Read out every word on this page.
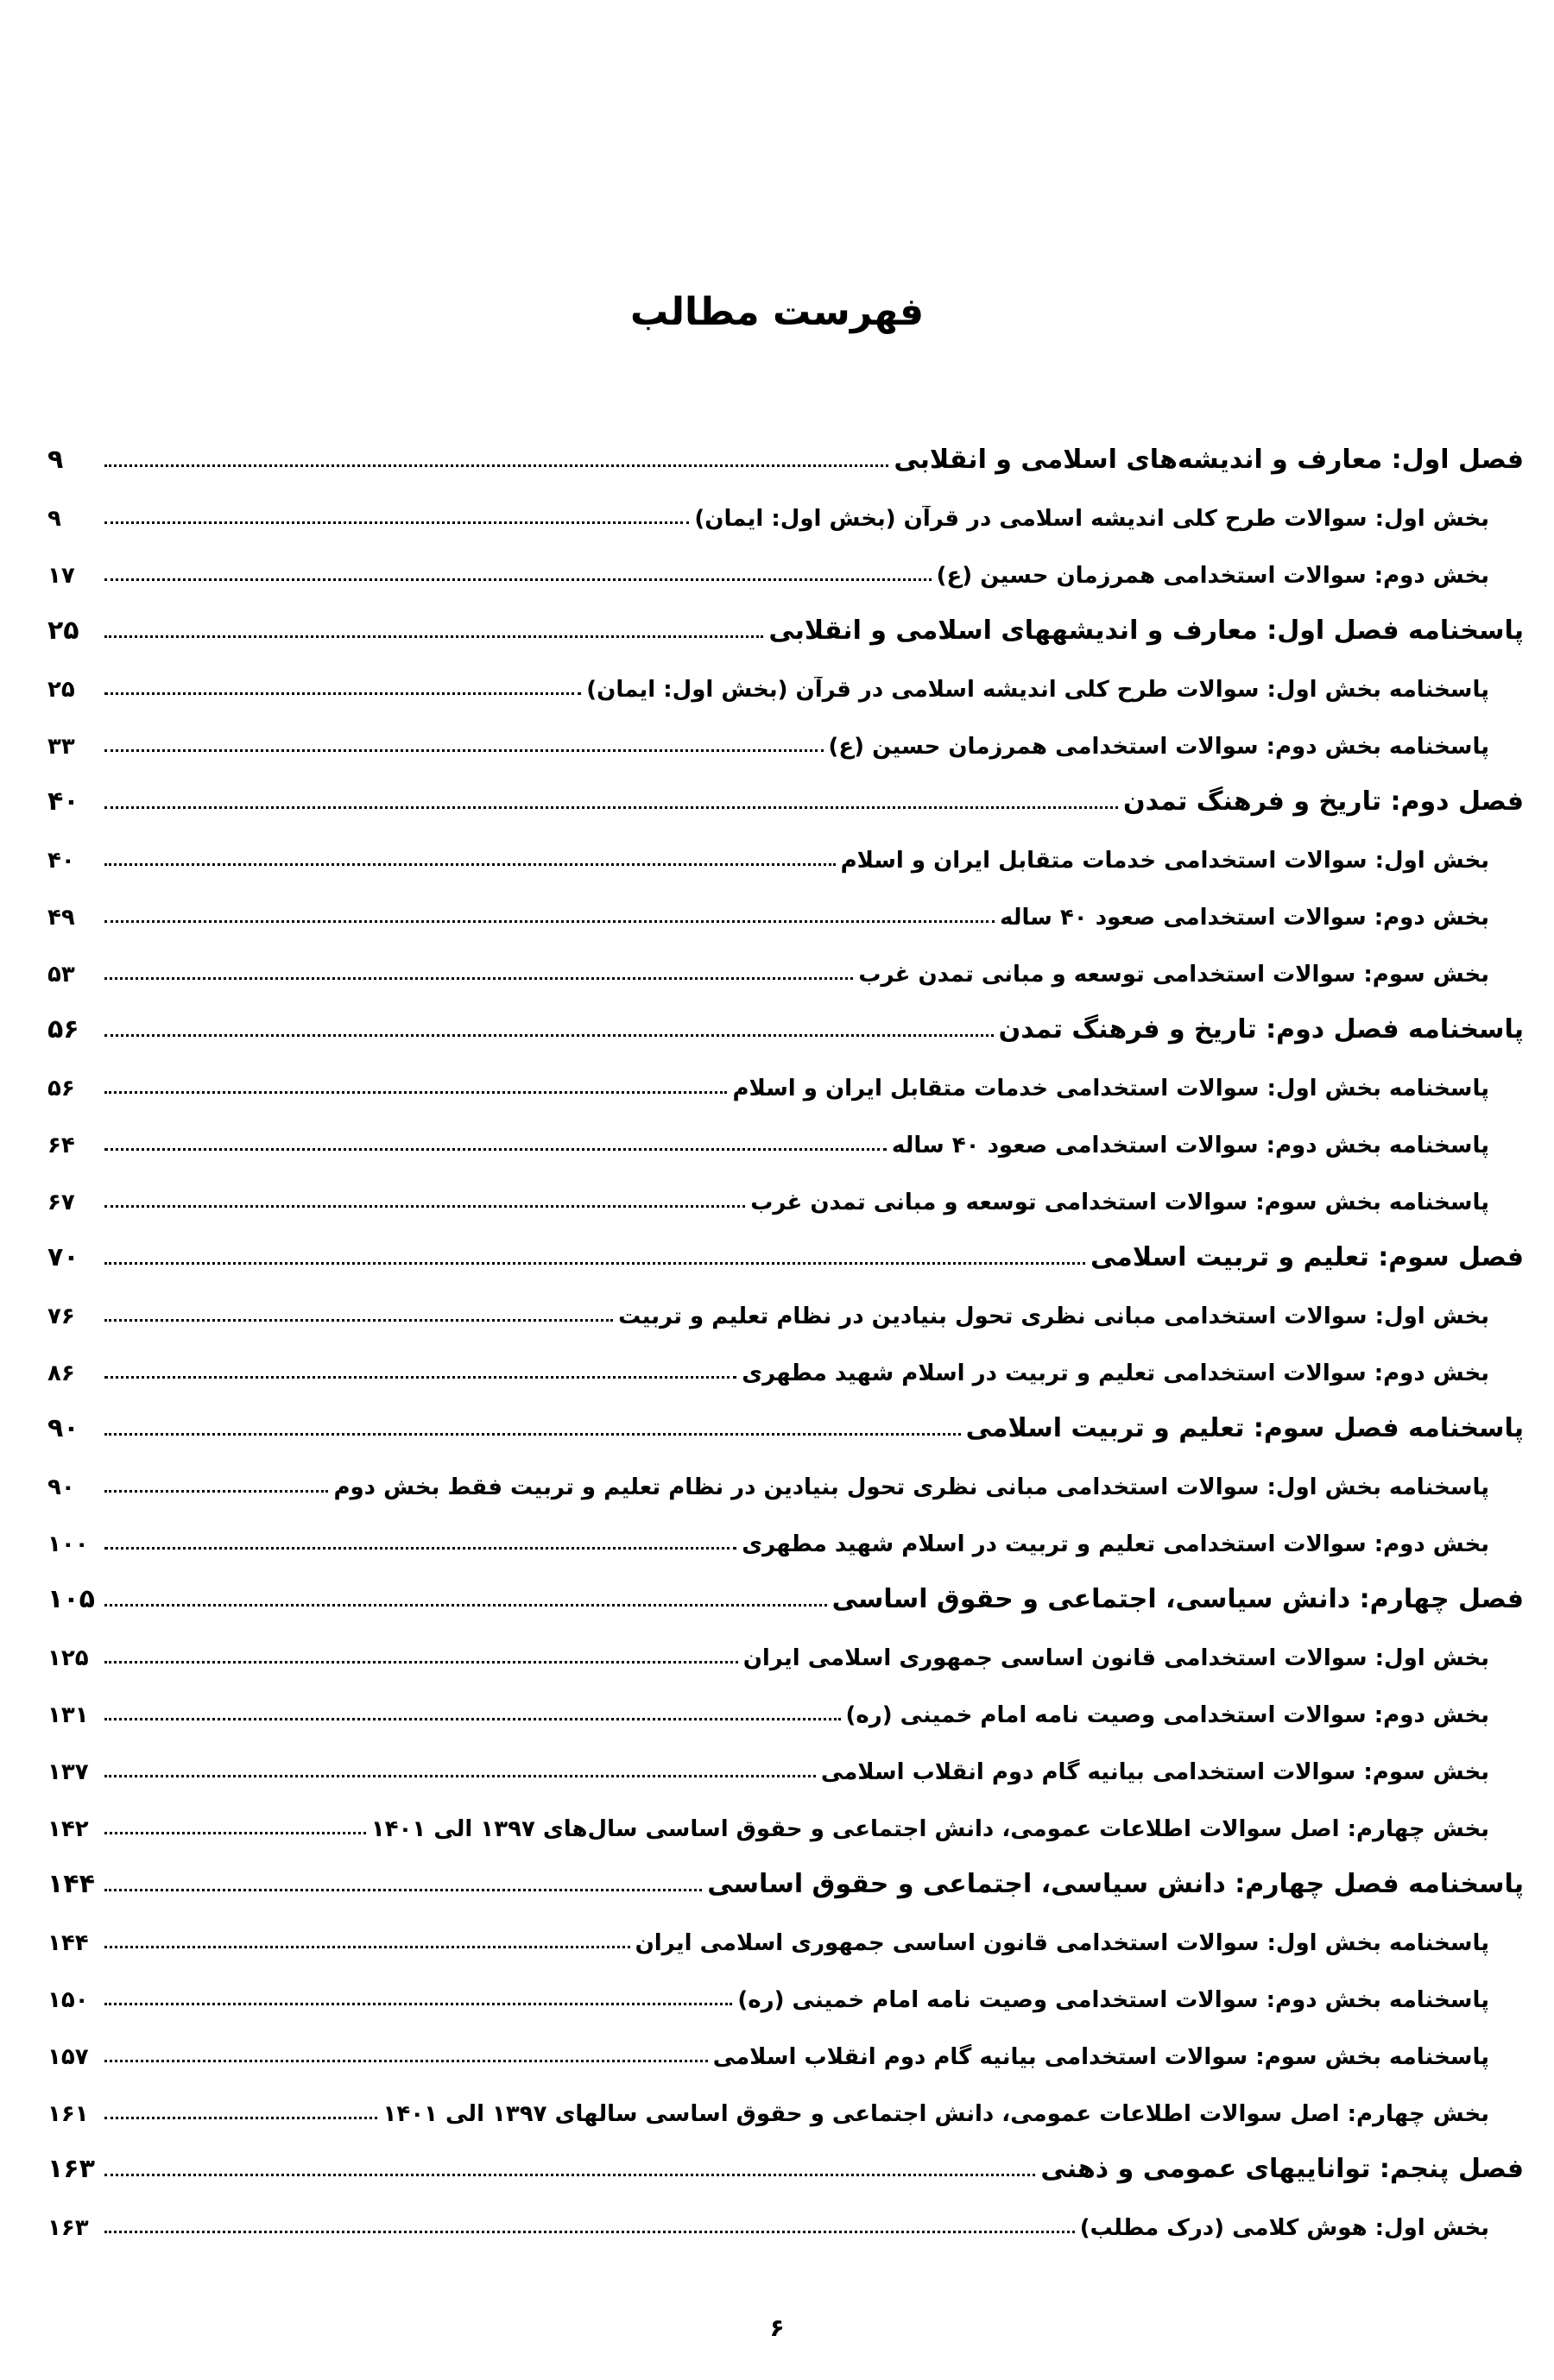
فهرست مطالب
فصل اول: معارف و اندیشه‌های اسلامی و انقلابی
۹
بخش اول: سوالات طرح کلی اندیشه اسلامی در قرآن (بخش اول: ایمان)
۹
بخش دوم: سوالات استخدامی همرزمان حسین (ع)
۱۷
پاسخنامه فصل اول: معارف و اندیشههای اسلامی و انقلابی
۲۵
پاسخنامه بخش اول: سوالات طرح کلی اندیشه اسلامی در قرآن (بخش اول: ایمان)
۲۵
پاسخنامه بخش دوم: سوالات استخدامی همرزمان حسین (ع)
۳۳
فصل دوم: تاریخ و فرهنگ تمدن
۴۰
بخش اول: سوالات استخدامی خدمات متقابل ایران و اسلام
۴۰
بخش دوم: سوالات استخدامی صعود ۴۰ ساله
۴۹
بخش سوم: سوالات استخدامی توسعه و مبانی تمدن غرب
۵۳
پاسخنامه فصل دوم: تاریخ و فرهنگ تمدن
۵۶
پاسخنامه بخش اول: سوالات استخدامی خدمات متقابل ایران و اسلام
۵۶
پاسخنامه بخش دوم: سوالات استخدامی صعود ۴۰ ساله
۶۴
پاسخنامه بخش سوم: سوالات استخدامی توسعه و مبانی تمدن غرب
۶۷
فصل سوم: تعلیم و تربیت اسلامی
۷۰
بخش اول: سوالات استخدامی مبانی نظری تحول بنیادین در نظام تعلیم و تربیت
۷۶
بخش دوم: سوالات استخدامی تعلیم و تربیت در اسلام شهید مطهری
۸۶
پاسخنامه فصل سوم: تعلیم و تربیت اسلامی
۹۰
پاسخنامه بخش اول: سوالات استخدامی مبانی نظری تحول بنیادین در نظام تعلیم و تربیت فقط بخش دوم
۹۰
بخش دوم: سوالات استخدامی تعلیم و تربیت در اسلام شهید مطهری
۱۰۰
فصل چهارم: دانش سیاسی، اجتماعی و حقوق اساسی
۱۰۵
بخش اول: سوالات استخدامی قانون اساسی جمهوری اسلامی ایران
۱۲۵
بخش دوم: سوالات استخدامی وصیت نامه امام خمینی (ره)
۱۳۱
بخش سوم: سوالات استخدامی بیانیه گام دوم انقلاب اسلامی
۱۳۷
بخش چهارم: اصل سوالات اطلاعات عمومی، دانش اجتماعی و حقوق اساسی سال‌های ۱۳۹۷ الی ۱۴۰۱
۱۴۲
پاسخنامه فصل چهارم: دانش سیاسی، اجتماعی و حقوق اساسی
۱۴۴
پاسخنامه بخش اول: سوالات استخدامی قانون اساسی جمهوری اسلامی ایران
۱۴۴
پاسخنامه بخش دوم: سوالات استخدامی وصیت نامه امام خمینی (ره)
۱۵۰
پاسخنامه بخش سوم: سوالات استخدامی بیانیه گام دوم انقلاب اسلامی
۱۵۷
بخش چهارم: اصل سوالات اطلاعات عمومی، دانش اجتماعی و حقوق اساسی سالهای ۱۳۹۷ الی ۱۴۰۱
۱۶۱
فصل پنجم: تواناییهای عمومی و ذهنی
۱۶۳
بخش اول: هوش کلامی (درک مطلب)
۱۶۳
۶
